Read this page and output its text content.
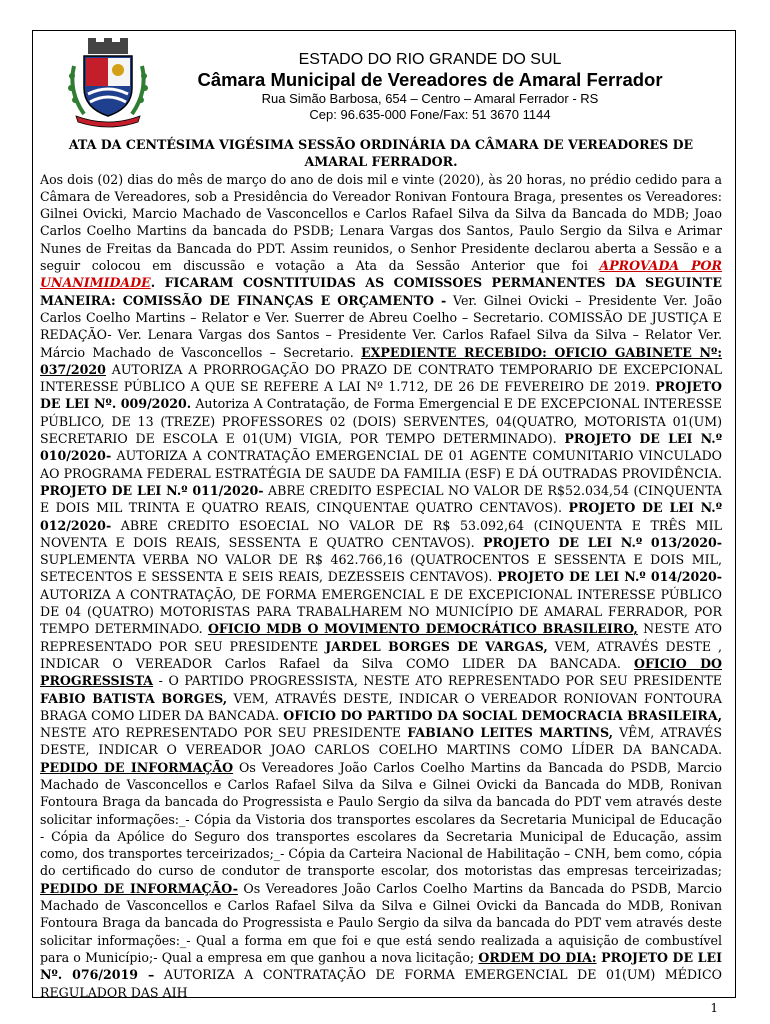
ESTADO DO RIO GRANDE DO SUL
Câmara Municipal de Vereadores de Amaral Ferrador
Rua Simão Barbosa, 654 – Centro – Amaral Ferrador - RS
Cep: 96.635-000 Fone/Fax: 51 3670 1144
ATA DA CENTÉSIMA VIGÉSIMA SESSÃO ORDINÁRIA DA CÂMARA DE VEREADORES DE AMARAL FERRADOR.

Aos dois (02) dias do mês de março do ano de dois mil e vinte (2020), às 20 horas, no prédio cedido para a Câmara de Vereadores, sob a Presidência do Vereador Ronivan Fontoura Braga, presentes os Vereadores: Gilnei Ovicki, Marcio Machado de Vasconcellos e Carlos Rafael Silva da Silva da Bancada do MDB; Joao Carlos Coelho Martins da bancada do PSDB; Lenara Vargas dos Santos, Paulo Sergio da Silva e Arimar Nunes de Freitas da Bancada do PDT. Assim reunidos, o Senhor Presidente declarou aberta a Sessão e a seguir colocou em discussão e votação a Ata da Sessão Anterior que foi APROVADA POR UNANIMIDADE. FICARAM COSNTITUIDAS AS COMISSOES PERMANENTES DA SEGUINTE MANEIRA: COMISSÃO DE FINANÇAS E ORÇAMENTO - Ver. Gilnei Ovicki – Presidente Ver. João Carlos Coelho Martins – Relator e Ver. Suerrer de Abreu Coelho – Secretario. COMISSÃO DE JUSTIÇA E REDAÇÃO- Ver. Lenara Vargas dos Santos – Presidente Ver. Carlos Rafael Silva da Silva – Relator Ver. Márcio Machado de Vasconcellos – Secretario. EXPEDIENTE RECEBIDO: OFICIO GABINETE Nº: 037/2020 AUTORIZA A PRORROGAÇÃO DO PRAZO DE CONTRATO TEMPORARIO DE EXCEPCIONAL INTERESSE PÚBLICO A QUE SE REFERE A LAI Nº 1.712, DE 26 DE FEVEREIRO DE 2019. PROJETO DE LEI Nº. 009/2020. Autoriza A Contratação, de Forma Emergencial E DE EXCEPCIONAL INTERESSE PÚBLICO, DE 13 (TREZE) PROFESSORES 02 (DOIS) SERVENTES, 04(QUATRO, MOTORISTA 01(UM) SECRETARIO DE ESCOLA E 01(UM) VIGIA, POR TEMPO DETERMINADO). PROJETO DE LEI N.º 010/2020- AUTORIZA A CONTRATAÇÃO EMERGENCIAL DE 01 AGENTE COMUNITARIO VINCULADO AO PROGRAMA FEDERAL ESTRATÉGIA DE SAUDE DA FAMILIA (ESF) E DÁ OUTRADAS PROVIDÊNCIA. PROJETO DE LEI N.º 011/2020- ABRE CREDITO ESPECIAL NO VALOR DE R$52.034,54 (CINQUENTA E DOIS MIL TRINTA E QUATRO REAIS, CINQUENTAE QUATRO CENTAVOS). PROJETO DE LEI N.º 012/2020- ABRE CREDITO ESOECIAL NO VALOR DE R$ 53.092,64 (CINQUENTA E TRÊS MIL NOVENTA E DOIS REAIS, SESSENTA E QUATRO CENTAVOS). PROJETO DE LEI N.º 013/2020- SUPLEMENTA VERBA NO VALOR DE R$ 462.766,16 (QUATROCENTOS E SESSENTA E DOIS MIL, SETECENTOS E SESSENTA E SEIS REAIS, DEZESSEIS CENTAVOS). PROJETO DE LEI N.º 014/2020- AUTORIZA A CONTRATAÇÃO, DE FORMA EMERGENCIAL E DE EXCEPICIONAL INTERESSE PÚBLICO DE 04 (QUATRO) MOTORISTAS PARA TRABALHAREM NO MUNICÍPIO DE AMARAL FERRADOR, POR TEMPO DETERMINADO. OFICIO MDB O MOVIMENTO DEMOCRÁTICO BRASILEIRO, NESTE ATO REPRESENTADO POR SEU PRESIDENTE JARDEL BORGES DE VARGAS, VEM, ATRAVÉS DESTE , INDICAR O VEREADOR Carlos Rafael da Silva COMO LIDER DA BANCADA. OFICIO DO PROGRESSISTA - O PARTIDO PROGRESSISTA, NESTE ATO REPRESENTADO POR SEU PRESIDENTE FABIO BATISTA BORGES, VEM, ATRAVÉS DESTE, INDICAR O VEREADOR RONIOVAN FONTOURA BRAGA COMO LIDER DA BANCADA. OFICIO DO PARTIDO DA SOCIAL DEMOCRACIA BRASILEIRA, NESTE ATO REPRESENTADO POR SEU PRESIDENTE FABIANO LEITES MARTINS, VÊM, ATRAVÉS DESTE, INDICAR O VEREADOR JOAO CARLOS COELHO MARTINS COMO LÍDER DA BANCADA. PEDIDO DE INFORMAÇÃO Os Vereadores João Carlos Coelho Martins da Bancada do PSDB, Marcio Machado de Vasconcellos e Carlos Rafael Silva da Silva e Gilnei Ovicki da Bancada do MDB, Ronivan Fontoura Braga da bancada do Progressista e Paulo Sergio da silva da bancada do PDT vem através deste solicitar informações:_- Cópia da Vistoria dos transportes escolares da Secretaria Municipal de Educação - Cópia da Apólice do Seguro dos transportes escolares da Secretaria Municipal de Educação, assim como, dos transportes terceirizados;_- Cópia da Carteira Nacional de Habilitação – CNH, bem como, cópia do certificado do curso de condutor de transporte escolar, dos motoristas das empresas terceirizadas; PEDIDO DE INFORMAÇÃO- Os Vereadores João Carlos Coelho Martins da Bancada do PSDB, Marcio Machado de Vasconcellos e Carlos Rafael Silva da Silva e Gilnei Ovicki da Bancada do MDB, Ronivan Fontoura Braga da bancada do Progressista e Paulo Sergio da silva da bancada do PDT vem através deste solicitar informações:_- Qual a forma em que foi e que está sendo realizada a aquisição de combustível para o Município;- Qual a empresa em que ganhou a nova licitação; ORDEM DO DIA: PROJETO DE LEI Nº. 076/2019 – AUTORIZA A CONTRATAÇÃO DE FORMA EMERGENCIAL DE 01(UM) MÉDICO REGULADOR DAS AIH

1
